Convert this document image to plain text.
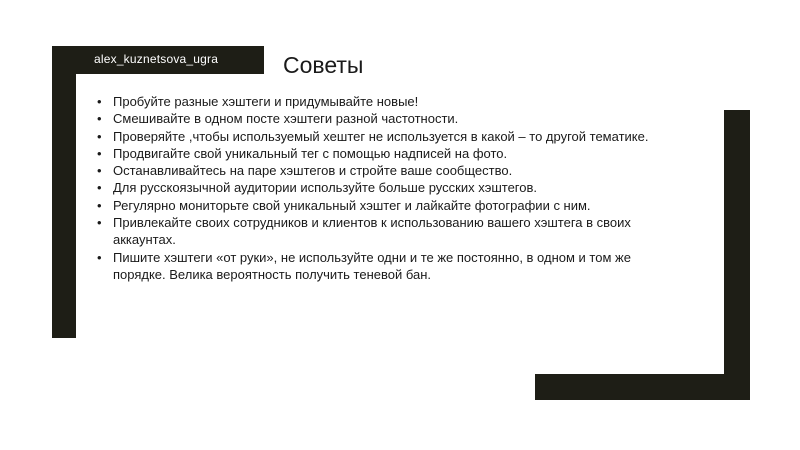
alex_kuznetsova_ugra	Советы
• Пробуйте разные хэштеги и придумывайте новые!
• Смешивайте в одном посте хэштеги разной частотности.
• Проверяйте ,чтобы используемый хештег не используется в какой – то другой тематике.
• Продвигайте свой уникальный тег с помощью надписей на фото.
• Останавливайтесь на паре хэштегов и стройте ваше сообщество.
• Для русскоязычной аудитории используйте больше русских хэштегов.
• Регулярно мониторьте свой уникальный хэштег и лайкайте фотографии с ним.
• Привлекайте своих сотрудников и клиентов к использованию вашего хэштега в своих аккаунтах.
• Пишите хэштеги «от руки», не используйте одни и те же постоянно, в одном и том же порядке. Велика вероятность получить теневой бан.
